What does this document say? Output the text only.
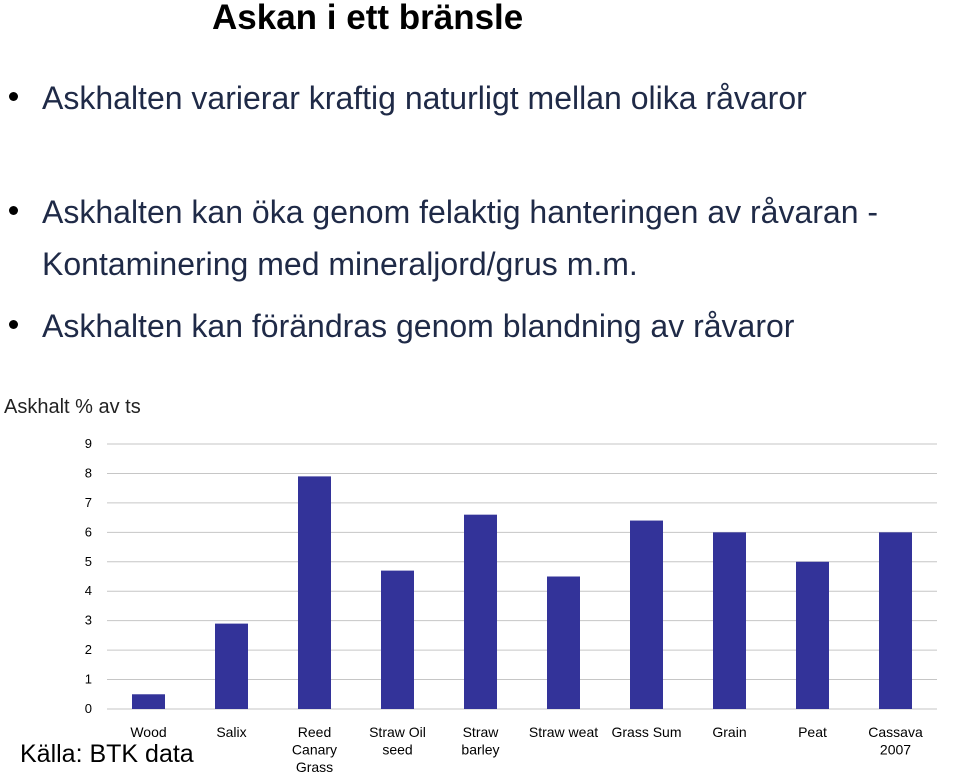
Askan i ett bränsle
Askhalten varierar kraftig naturligt mellan olika råvaror
Askhalten kan öka genom felaktig hanteringen av råvaran - Kontaminering med mineraljord/grus m.m.
Askhalten kan förändras genom blandning av råvaror
Askhalt % av ts
0
1
2
3
4
5
6
7
8
9
Wood	Salix	Reed
Canary
Grass
Straw Oil
seed
Straw
barley
Straw weat Grass Sum Grain	Peat	Cassava
2007
Källa: BTK data
